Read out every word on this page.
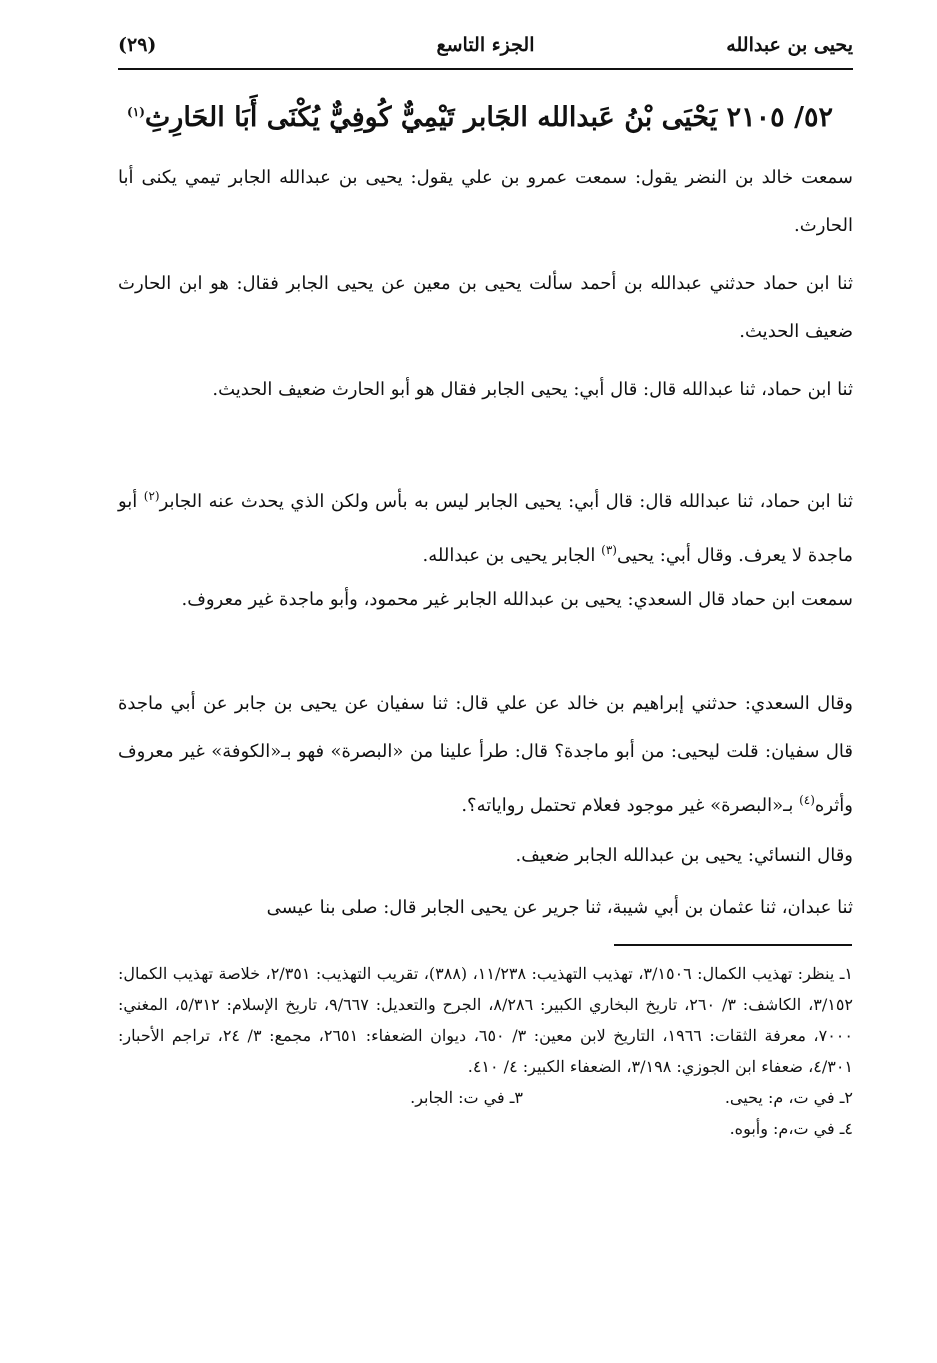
يحيى بن عبدالله
الجزء التاسع
(٢٩)
٥٢/ ٢١٠٥ يَحْيَى بْنُ عَبدالله الجَابر تَيْمِيٌّ كُوفِيٌّ يُكْنَى أَبَا الحَارِثِ$^{(١)}$
سمعت خالد بن النضر يقول: سمعت عمرو بن علي يقول: يحيى بن عبدالله الجابر تيمي يكنى أبا الحارث.
ثنا ابن حماد حدثني عبدالله بن أحمد سألت يحيى بن معين عن يحيى الجابر فقال: هو ابن الحارث ضعيف الحديث.
ثنا ابن حماد، ثنا عبدالله قال: قال أبي: يحيى الجابر فقال هو أبو الحارث ضعيف الحديث.
ثنا ابن حماد، ثنا عبدالله قال: قال أبي: يحيى الجابر ليس به بأس ولكن الذي يحدث عنه الجابر$^{(٢)}$ أبو ماجدة لا يعرف. وقال أبي: يحيى$^{(٣)}$ الجابر يحيى بن عبدالله.
سمعت ابن حماد قال السعدي: يحيى بن عبدالله الجابر غير محمود، وأبو ماجدة غير معروف.
وقال السعدي: حدثني إبراهيم بن خالد عن علي قال: ثنا سفيان عن يحيى بن جابر عن أبي ماجدة قال سفيان: قلت ليحيى: من أبو ماجدة؟ قال: طرأ علينا من «البصرة» فهو بـ«الكوفة» غير معروف وأثره$^{(٤)}$ بـ«البصرة» غير موجود فعلام تحتمل رواياته؟.
وقال النسائي: يحيى بن عبدالله الجابر ضعيف.
ثنا عبدان، ثنا عثمان بن أبي شيبة، ثنا جرير عن يحيى الجابر قال: صلى بنا عيسى
١ـ ينظر: تهذيب الكمال: ٣/١٥٠٦، تهذيب التهذيب: ١١/٢٣٨، (٣٨٨)، تقريب التهذيب: ٢/٣٥١، خلاصة تهذيب الكمال: ٣/١٥٢، الكاشف: ٣/ ٢٦٠، تاريخ البخاري الكبير: ٨/٢٨٦، الجرح والتعديل: ٩/٦٦٧، تاريخ الإسلام: ٥/٣١٢، المغني: ٧٠٠٠، معرفة الثقات: ١٩٦٦، التاريخ لابن معين: ٣/ ٦٥٠، ديوان الضعفاء: ٢٦٥١، مجمع: ٣/ ٢٤، تراجم الأحبار: ٤/٣٠١، ضعفاء ابن الجوزي: ٣/١٩٨، الضعفاء الكبير: ٤/ ٤١٠.
٢ـ في ت، م: يحيى.
٣ـ في ت: الجابر.
٤ـ في ت،م: وأبوه.
